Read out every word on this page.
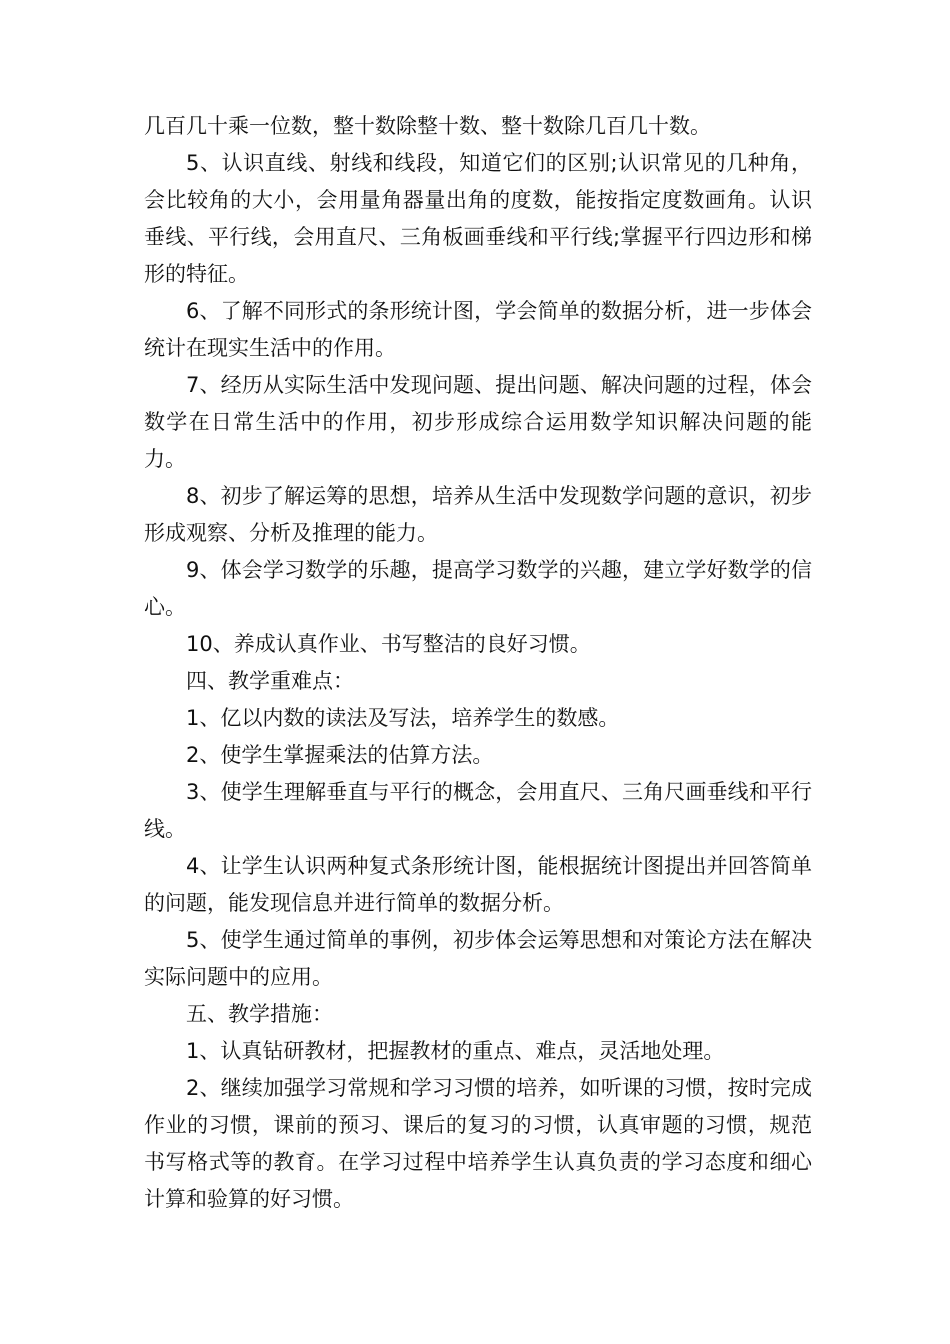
几百几十乘一位数，整十数除整十数、整十数除几百几十数。

5、认识直线、射线和线段，知道它们的区别;认识常见的几种角，会比较角的大小，会用量角器量出角的度数，能按指定度数画角。认识垂线、平行线，会用直尺、三角板画垂线和平行线;掌握平行四边形和梯形的特征。

6、了解不同形式的条形统计图，学会简单的数据分析，进一步体会统计在现实生活中的作用。

7、经历从实际生活中发现问题、提出问题、解决问题的过程，体会数学在日常生活中的作用，初步形成综合运用数学知识解决问题的能力。

8、初步了解运筹的思想，培养从生活中发现数学问题的意识，初步形成观察、分析及推理的能力。

9、体会学习数学的乐趣，提高学习数学的兴趣，建立学好数学的信心。

10、养成认真作业、书写整洁的良好习惯。

四、教学重难点：

1、亿以内数的读法及写法，培养学生的数感。

2、使学生掌握乘法的估算方法。

3、使学生理解垂直与平行的概念，会用直尺、三角尺画垂线和平行线。

4、让学生认识两种复式条形统计图，能根据统计图提出并回答简单的问题，能发现信息并进行简单的数据分析。

5、使学生通过简单的事例，初步体会运筹思想和对策论方法在解决实际问题中的应用。

五、教学措施：

1、认真钻研教材，把握教材的重点、难点，灵活地处理。

2、继续加强学习常规和学习习惯的培养，如听课的习惯，按时完成作业的习惯，课前的预习、课后的复习的习惯，认真审题的习惯，规范书写格式等的教育。在学习过程中培养学生认真负责的学习态度和细心计算和验算的好习惯。
